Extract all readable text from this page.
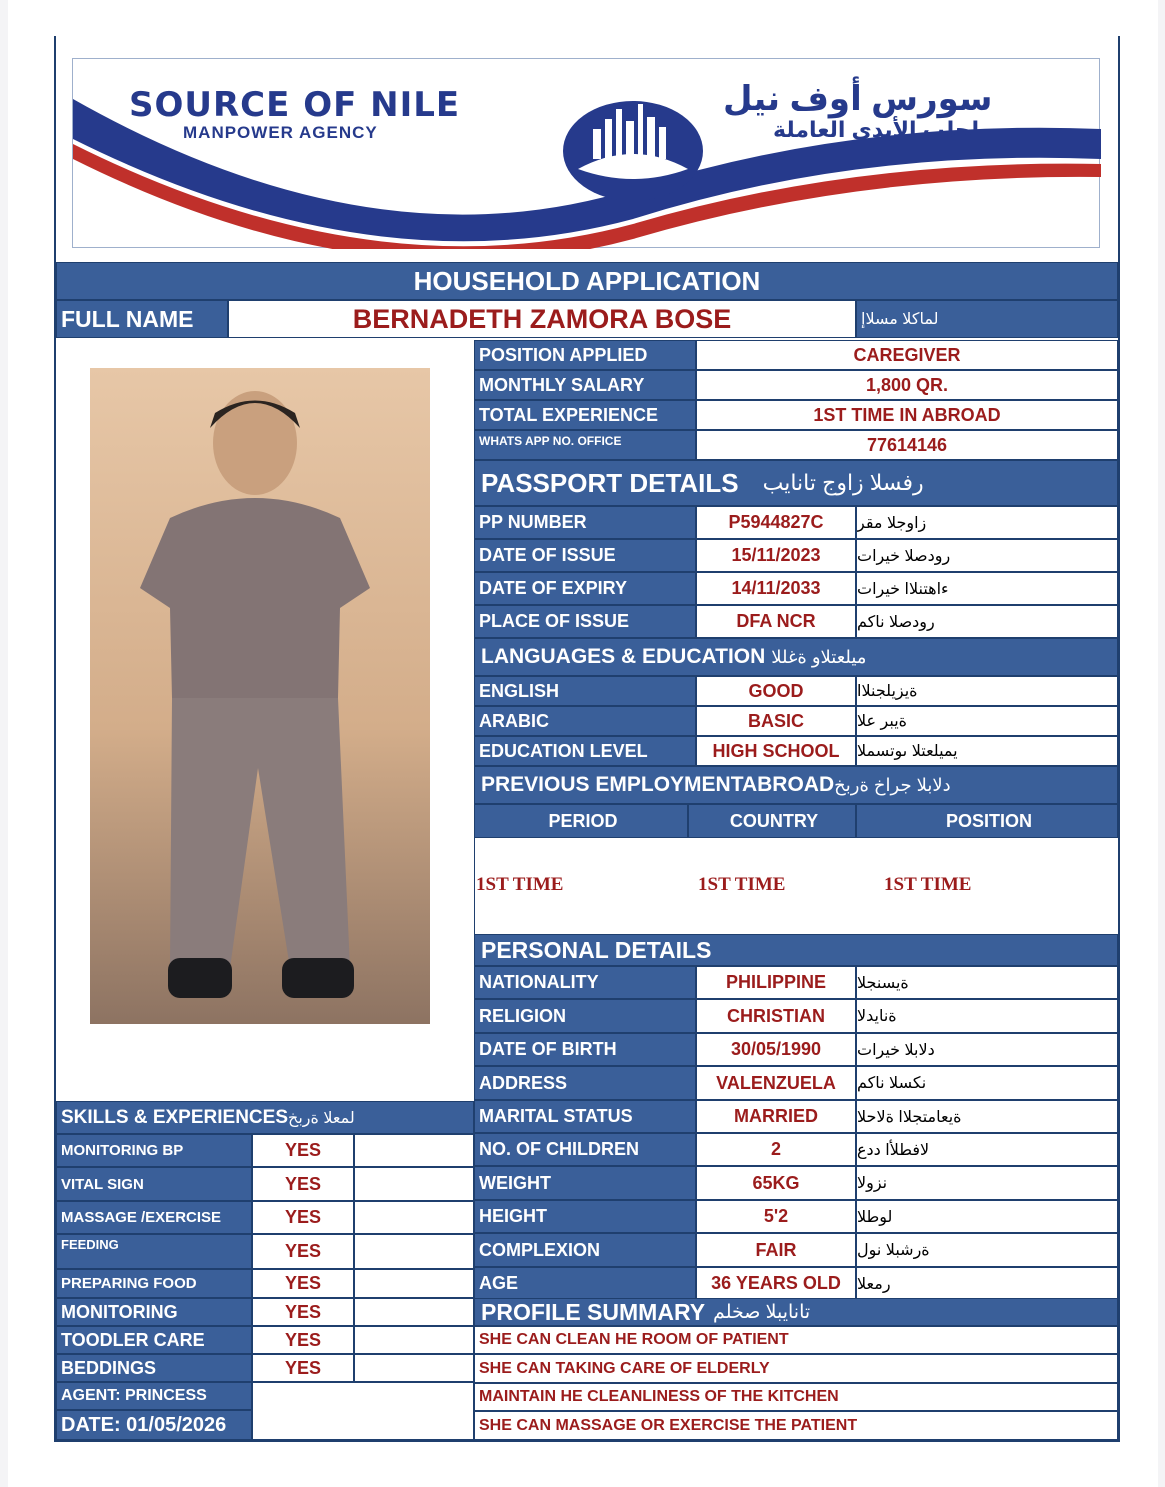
SOURCE OF NILE
MANPOWER AGENCY
سورس أوف نيل
لجلب الأيدي العاملة
HOUSEHOLD APPLICATION
FULL NAME	BERNADETH ZAMORA BOSE	لماكلا مسلاإ
POSITION APPLIED	CAREGIVER
MONTHLY SALARY	1,800 QR.
TOTAL EXPERIENCE	1ST TIME IN ABROAD
WHATS APP NO. OFFICE	77614146
PASSPORT DETAILS رفسلا زاوج تانايب
PP NUMBER	P5944827C	زاوجلا مقر
DATE OF ISSUE	15/11/2023	رودصلا خيرات
DATE OF EXPIRY	14/11/2033	ءاهتنلاا خيرات
PLACE OF ISSUE	DFA NCR	رودصلا ناكم
LANGUAGES & EDUCATION ميلعتلاو ةغللا
ENGLISH	GOOD	ةيزيلجنلاا
ARABIC	BASIC	ةيبر علا
EDUCATION LEVEL	HIGH SCHOOL	يميلعتلا ىوتسملا
PREVIOUS EMPLOYMENTABROAD دلابلا جراخ ةربخ
PERIOD	COUNTRY	POSITION
1ST TIME	1ST TIME	1ST TIME
PERSONAL DETAILS
NATIONALITY	PHILIPPINE	ةيسنجلا
RELIGION	CHRISTIAN	ةنايدلا
DATE OF BIRTH	30/05/1990	دلابلا خيرات
ADDRESS	VALENZUELA	نكسلا ناكم
MARITAL STATUS	MARRIED	ةيعامتجلاا ةلاحلا
NO. OF CHILDREN	2	لافطلأا ددع
WEIGHT	65KG	نزولا
HEIGHT	5'2	لوطلا
COMPLEXION	FAIR	ةرشبلا نول
AGE	36 YEARS OLD	رمعلا
SKILLS & EXPERIENCES لمعلا ةربخ
MONITORING BP	YES
VITAL SIGN	YES
MASSAGE /EXERCISE	YES
FEEDING	YES
PREPARING FOOD	YES
MONITORING	YES
TOODLER CARE	YES
BEDDINGS	YES
AGENT: PRINCESS
DATE: 01/05/2026
PROFILE SUMMARY تانايبلا صخلم
SHE CAN CLEAN HE ROOM OF PATIENT
SHE CAN TAKING CARE OF ELDERLY
MAINTAIN HE CLEANLINESS OF THE KITCHEN
SHE CAN MASSAGE OR EXERCISE THE PATIENT
